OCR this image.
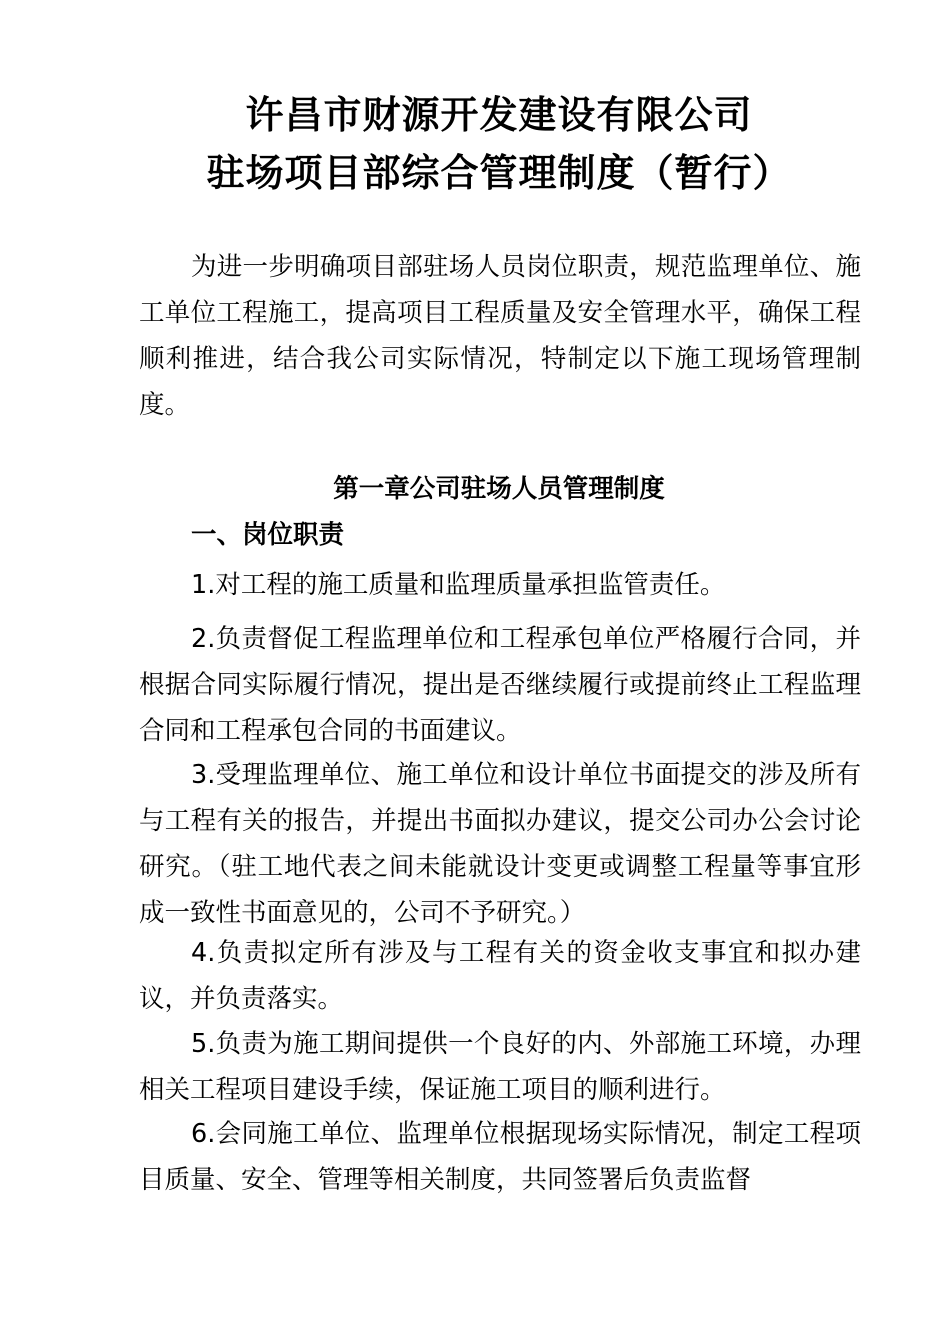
许昌市财源开发建设有限公司
驻场项目部综合管理制度（暂行）

为进一步明确项目部驻场人员岗位职责，规范监理单位、施工单位工程施工，提高项目工程质量及安全管理水平，确保工程顺利推进，结合我公司实际情况，特制定以下施工现场管理制度。

第一章公司驻场人员管理制度
一、岗位职责

1.对工程的施工质量和监理质量承担监管责任。

2.负责督促工程监理单位和工程承包单位严格履行合同，并根据合同实际履行情况，提出是否继续履行或提前终止工程监理合同和工程承包合同的书面建议。

3.受理监理单位、施工单位和设计单位书面提交的涉及所有与工程有关的报告，并提出书面拟办建议，提交公司办公会讨论研究。（驻工地代表之间未能就设计变更或调整工程量等事宜形成一致性书面意见的，公司不予研究。）

4.负责拟定所有涉及与工程有关的资金收支事宜和拟办建议，并负责落实。

5.负责为施工期间提供一个良好的内、外部施工环境，办理相关工程项目建设手续，保证施工项目的顺利进行。

6.会同施工单位、监理单位根据现场实际情况，制定工程项目质量、安全、管理等相关制度，共同签署后负责监督
